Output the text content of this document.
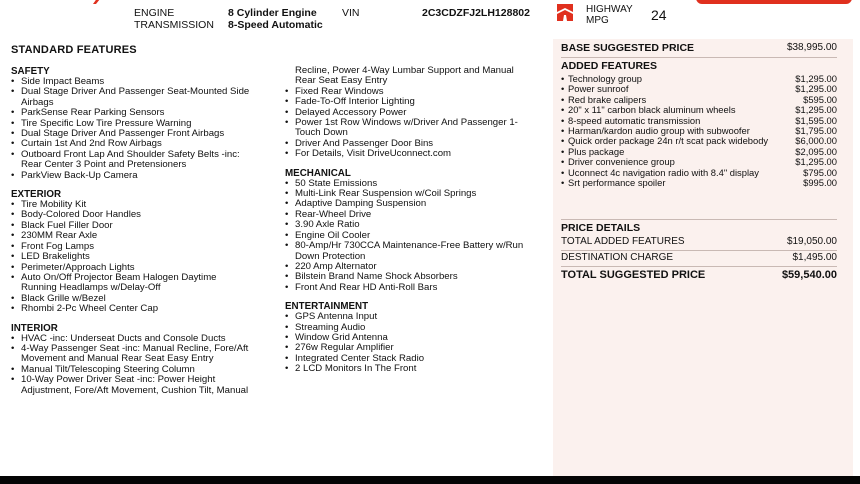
ENGINE	8 Cylinder Engine
TRANSMISSION 8-Speed Automatic
VIN	2C3CDZFJ2LH128802	HIGHWAY MPG	24
STANDARD FEATURES
SAFETY
• Side Impact Beams
• Dual Stage Driver And Passenger Seat-Mounted Side
Airbags
• ParkSense Rear Parking Sensors
• Tire Specific Low Tire Pressure Warning
• Dual Stage Driver And Passenger Front Airbags
• Curtain 1st And 2nd Row Airbags
• Outboard Front Lap And Shoulder Safety Belts -inc:
Rear Center 3 Point and Pretensioners
• ParkView Back-Up Camera
EXTERIOR
• Tire Mobility Kit
• Body-Colored Door Handles
• Black Fuel Filler Door
• 230MM Rear Axle
• Front Fog Lamps
• LED Brakelights
• Perimeter/Approach Lights
• Auto On/Off Projector Beam Halogen Daytime
Running Headlamps w/Delay-Off
• Black Grille w/Bezel
• Rhombi 2-Pc Wheel Center Cap
INTERIOR
• HVAC -inc: Underseat Ducts and Console Ducts
• 4-Way Passenger Seat -inc: Manual Recline, Fore/Aft
Movement and Manual Rear Seat Easy Entry
• Manual Tilt/Telescoping Steering Column
• 10-Way Power Driver Seat -inc: Power Height
Adjustment, Fore/Aft Movement, Cushion Tilt, Manual
Recline, Power 4-Way Lumbar Support and Manual
Rear Seat Easy Entry
• Fixed Rear Windows
• Fade-To-Off Interior Lighting
• Delayed Accessory Power
• Power 1st Row Windows w/Driver And Passenger 1-
Touch Down
• Driver And Passenger Door Bins
• For Details, Visit DriveUconnect.com
MECHANICAL
• 50 State Emissions
• Multi-Link Rear Suspension w/Coil Springs
• Adaptive Damping Suspension
• Rear-Wheel Drive
• 3.90 Axle Ratio
• Engine Oil Cooler
• 80-Amp/Hr 730CCA Maintenance-Free Battery w/Run
Down Protection
• 220 Amp Alternator
• Bilstein Brand Name Shock Absorbers
• Front And Rear HD Anti-Roll Bars
ENTERTAINMENT
• GPS Antenna Input
• Streaming Audio
• Window Grid Antenna
• 276w Regular Amplifier
• Integrated Center Stack Radio
• 2 LCD Monitors In The Front
BASE SUGGESTED PRICE	$38,995.00
ADDED FEATURES
• Technology group	$1,295.00
• Power sunroof	$1,295.00
• Red brake calipers	$595.00
• 20" x 11" carbon black aluminum wheels	$1,295.00
• 8-speed automatic transmission	$1,595.00
• Harman/kardon audio group with subwoofer	$1,795.00
• Quick order package 24n r/t scat pack widebody	$6,000.00
• Plus package	$2,095.00
• Driver convenience group	$1,295.00
• Uconnect 4c navigation radio with 8.4" display	$795.00
• Srt performance spoiler	$995.00
PRICE DETAILS
TOTAL ADDED FEATURES	$19,050.00
DESTINATION CHARGE	$1,495.00
TOTAL SUGGESTED PRICE	$59,540.00
